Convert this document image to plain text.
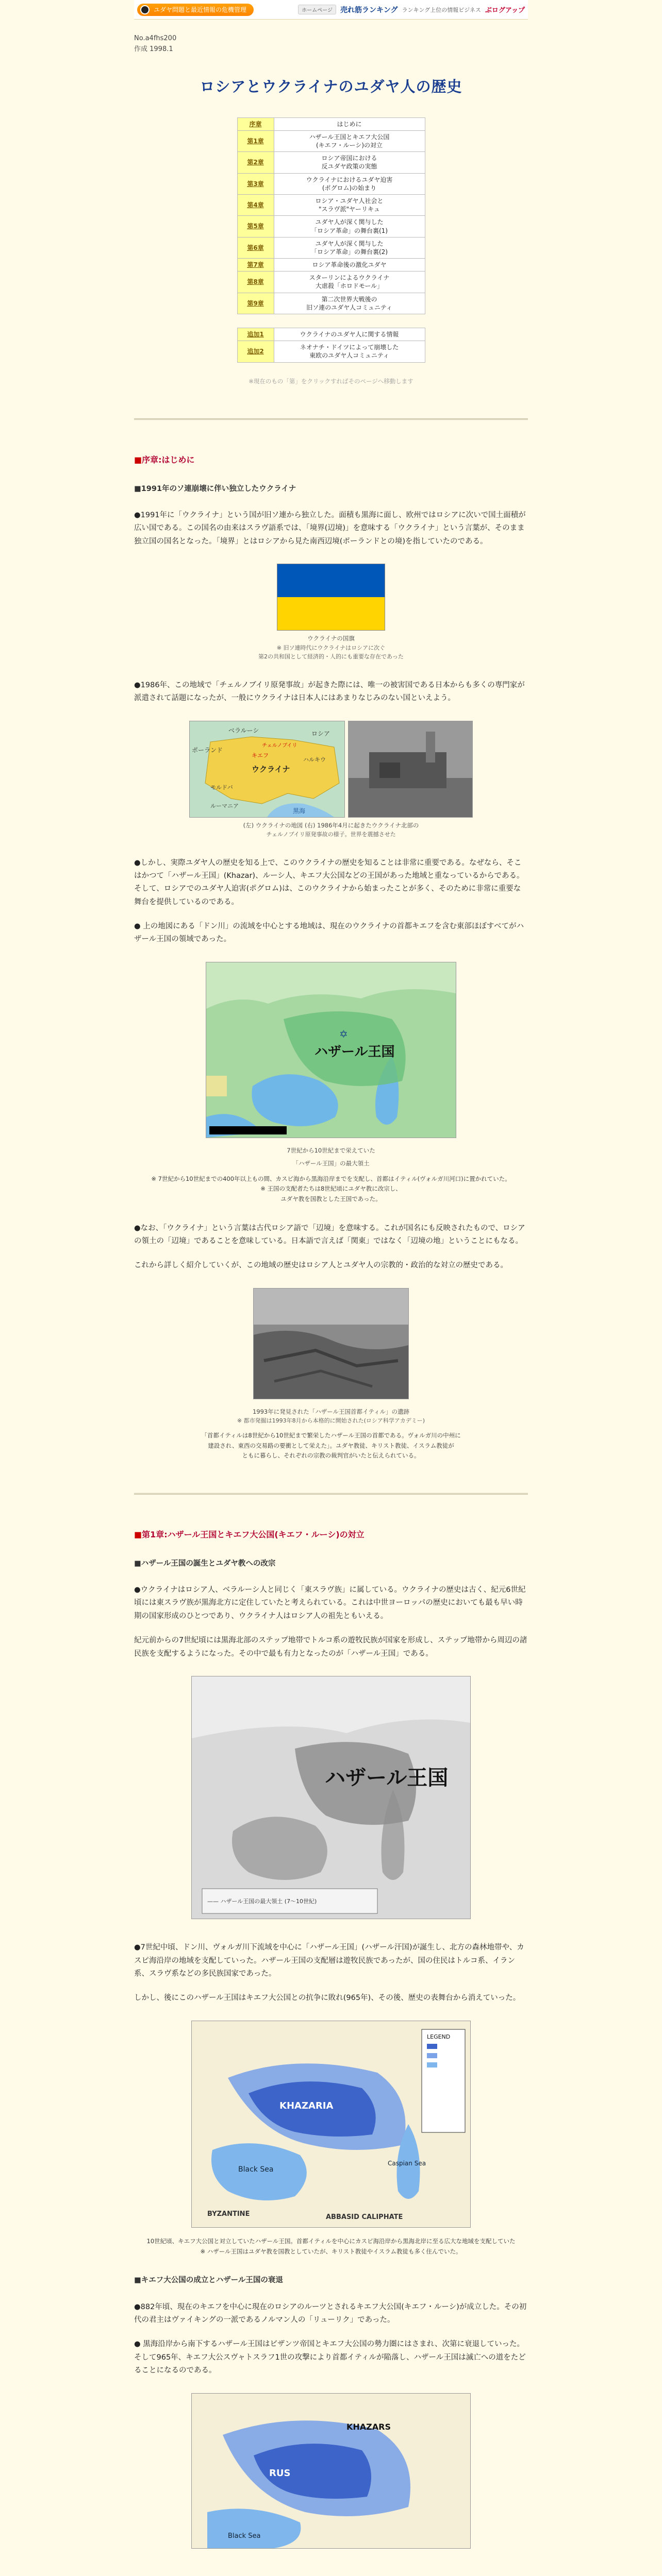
ユダヤ問題と最近情報の危機管理	ホームページ	売れ筋ランキング ランキング上位の情報ビジネス ぶログアップ
No.a4fhs200
作成 1998.1
ロシアとウクライナのユダヤ人の歴史
序章	はじめに
第1章	ハザール王国とキエフ大公国
(キエフ・ルーシ)の対立
第2章	ロシア帝国における
反ユダヤ政策の実態
第3章	ウクライナにおけるユダヤ迫害
(ポグロム)の始まり
第4章	ロシア・ユダヤ人社会と
"スラヴ派"ヤーリキュ
第5章	ユダヤ人が深く関与した
「ロシア革命」の舞台裏(1)
第6章	ユダヤ人が深く関与した
「ロシア革命」の舞台裏(2)
第7章	ロシア革命後の激化ユダヤ
第8章	スターリンによるウクライナ
大虐殺「ホロドモール」
第9章	第二次世界大戦後の
旧ソ連のユダヤ人コミュニティ
追加1	ウクライナのユダヤ人に関する情報
追加2	ネオナチ・ドイツによって崩壊した
東欧のユダヤ人コミュニティ
※現在のもの「第」をクリックすればそのページへ移動します
■序章:はじめに
■1991年のソ連崩壊に伴い独立したウクライナ
●1991年に「ウクライナ」という国が旧ソ連から独立した。面積も黒海に面し、欧州ではロシアに次いで国土面積が広い国である。この国名の由来はスラヴ語系では、「境界(辺境)」を意味する「ウクライナ」という言葉が、そのまま独立国の国名となった。「境界」とはロシアから見た南西辺境(ポーランドとの境)を指していたのである。
ウクライナの国旗
※ 旧ソ連時代にウクライナはロシアに次ぐ
第2の共和国として経済的・人的にも重要な存在であった
●1986年、この地域で「チェルノブイリ原発事故」が起きた際には、唯一の被害国である日本からも多くの専門家が派遣されて話題になったが、一般にウクライナは日本人にはあまりなじみのない国といえよう。
ベラルーシ
ポーランド
ロシア
キエフ
ウクライナ
チェルノブイリ
モルドバ
ルーマニア
黒海
ハルキウ
(左) ウクライナの地図 (右) 1986年4月に起きたウクライナ北部の
チェルノブイリ原発事故の様子。世界を震撼させた
●しかし、実際ユダヤ人の歴史を知る上で、このウクライナの歴史を知ることは非常に重要である。なぜなら、そこはかつて「ハザール王国」(Khazar)、ルーシ人、キエフ大公国などの王国があった地域と重なっているからである。そして、ロシアでのユダヤ人迫害(ポグロム)は、このウクライナから始まったことが多く、そのために非常に重要な舞台を提供しているのである。
● 上の地図にある「ドン川」の流域を中心とする地域は、現在のウクライナの首都キエフを含む東部ほぼすべてがハザール王国の領域であった。
✡
ハザール王国
7世紀から10世紀まで栄えていた
「ハザール王国」の最大領土
※ 7世紀から10世紀までの400年以上もの間、カスピ海から黒海沿岸までを支配し、首都はイティル(ヴォルガ川河口)に置かれていた。
※ 王国の支配者たちは8世紀頃にユダヤ教に改宗し、
ユダヤ教を国教とした王国であった。
●なお、「ウクライナ」という言葉は古代ロシア語で「辺境」を意味する。これが国名にも反映されたもので、ロシアの領土の「辺境」であることを意味している。日本語で言えば「関東」ではなく「辺境の地」ということにもなる。
これから詳しく紹介していくが、この地域の歴史はロシア人とユダヤ人の宗教的・政治的な対立の歴史である。
1993年に発見された「ハザール王国首都イティル」の遺跡
※ 都市発掘は1993年8月から本格的に開始された(ロシア科学アカデミー)
「首都イティルは8世紀から10世紀まで繁栄したハザール王国の首都である。ヴォルガ川の中州に
建設され、東西の交易路の要衝として栄えた」。ユダヤ教徒、キリスト教徒、イスラム教徒が
ともに暮らし、それぞれの宗教の裁判官がいたと伝えられている。
■第1章:ハザール王国とキエフ大公国(キエフ・ルーシ)の対立
■ハザール王国の誕生とユダヤ教への改宗
●ウクライナはロシア人、ベラルーシ人と同じく「東スラヴ族」に属している。ウクライナの歴史は古く、紀元6世紀頃には東スラヴ族が黒海北方に定住していたと考えられている。これは中世ヨーロッパの歴史においても最も早い時期の国家形成のひとつであり、ウクライナ人はロシア人の祖先ともいえる。
紀元前からの7世紀頃には黒海北部のステップ地帯でトルコ系の遊牧民族が国家を形成し、ステップ地帯から周辺の諸民族を支配するようになった。その中で最も有力となったのが「ハザール王国」である。
ハザール王国
—— ハザール王国の最大領土 (7〜10世紀)
●7世紀中頃、ドン川、ヴォルガ川下流域を中心に「ハザール王国」(ハザール汗国)が誕生し、北方の森林地帯や、カスピ海沿岸の地域を支配していった。ハザール王国の支配層は遊牧民族であったが、国の住民はトルコ系、イラン系、スラヴ系などの多民族国家であった。
しかし、後にこのハザール王国はキエフ大公国との抗争に敗れ(965年)、その後、歴史の表舞台から消えていった。
LEGEND
KHAZARIA
Black Sea
Caspian Sea
BYZANTINE	ABBASID CALIPHATE
10世紀頃、キエフ大公国と対立していたハザール王国。首都イティルを中心にカスピ海沿岸から黒海北岸に至る広大な地域を支配していた
※ ハザール王国はユダヤ教を国教としていたが、キリスト教徒やイスラム教徒も多く住んでいた。
■キエフ大公国の成立とハザール王国の衰退
●882年頃、現在のキエフを中心に現在のロシアのルーツとされるキエフ大公国(キエフ・ルーシ)が成立した。その初代の君主はヴァイキングの一派であるノルマン人の「リューリク」であった。
● 黒海沿岸から南下するハザール王国はビザンツ帝国とキエフ大公国の勢力圏にはさまれ、次第に衰退していった。そして965年、キエフ大公スヴャトスラフ1世の攻撃により首都イティルが陥落し、ハザール王国は滅亡への道をたどることになるのである。
KHAZARS
RUS
Black Sea
